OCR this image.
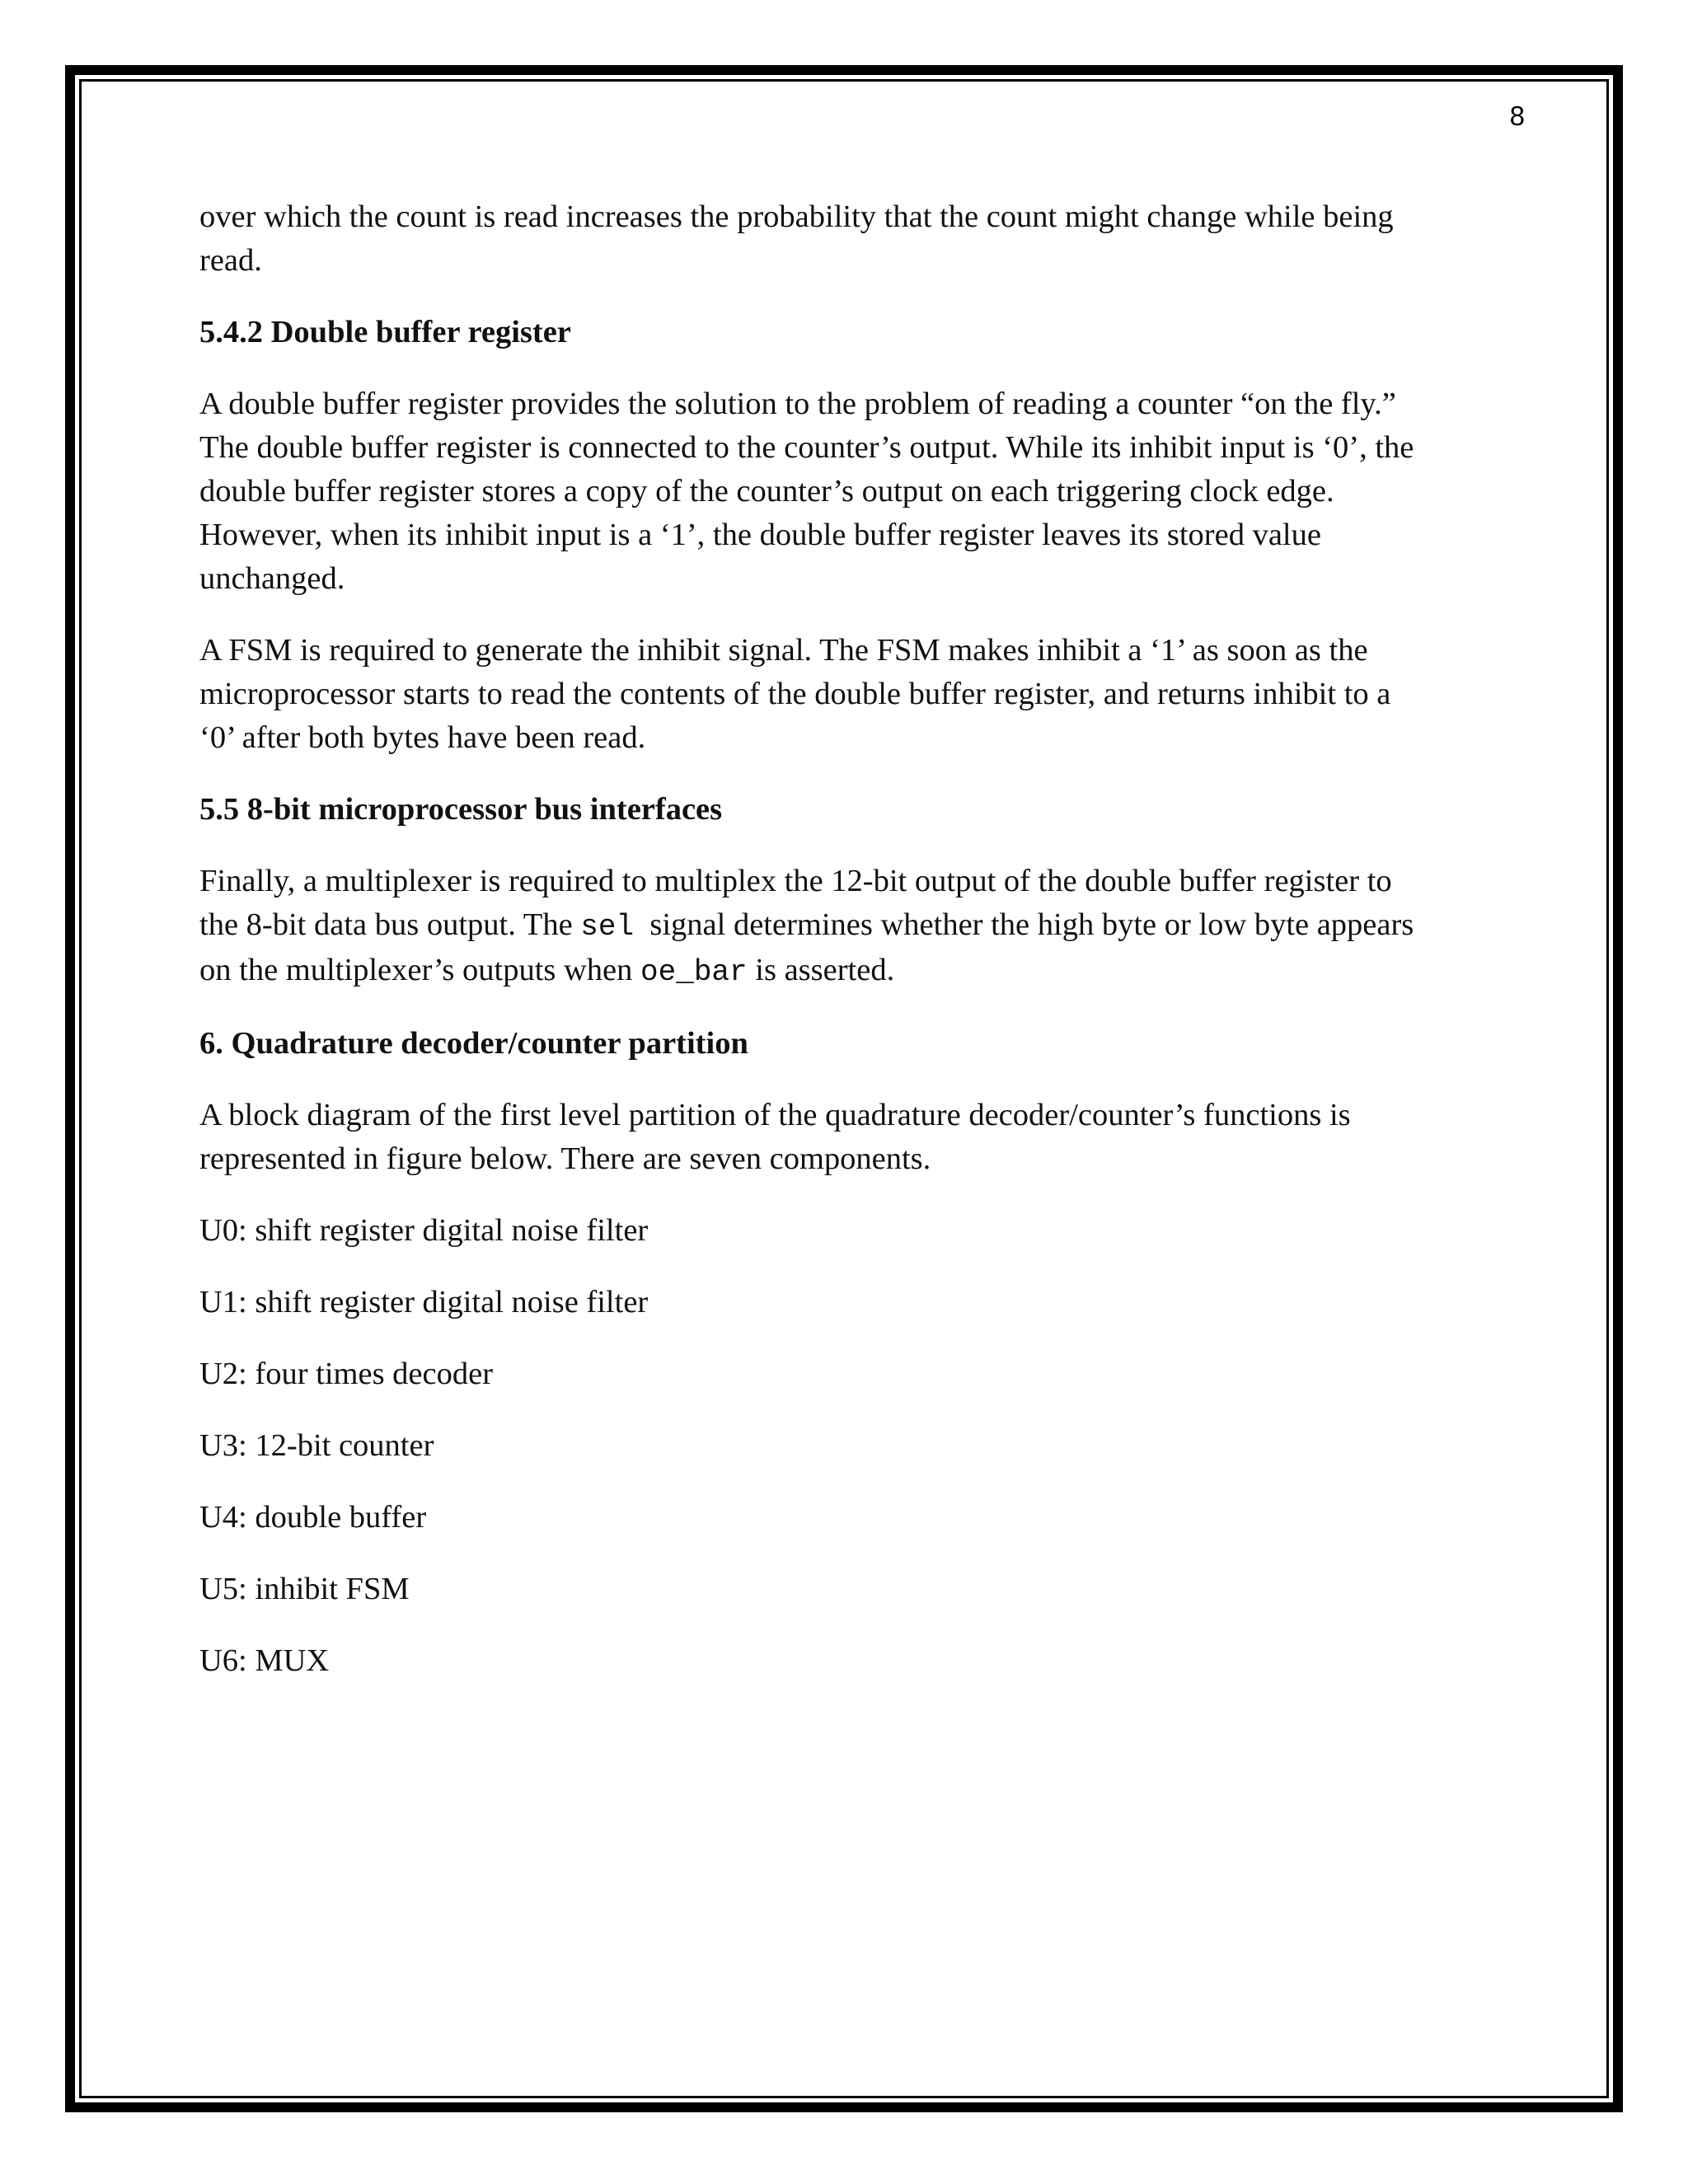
8

over which the count is read increases the probability that the count might change while being

read.

5.4.2 Double buffer register

A double buffer register provides the solution to the problem of reading a counter “on the fly.”

The double buffer register is connected to the counter’s output. While its inhibit input is ‘0’, the

double buffer register stores a copy of the counter’s output on each triggering clock edge.

However, when its inhibit input is a ‘1’, the double buffer register leaves its stored value

unchanged.

A FSM is required to generate the inhibit signal. The FSM makes inhibit a ‘1’ as soon as the

microprocessor starts to read the contents of the double buffer register, and returns inhibit to a

‘0’ after both bytes have been read.

5.5 8-bit microprocessor bus interfaces

Finally, a multiplexer is required to multiplex the 12-bit output of the double buffer register to

the 8-bit data bus output. The sel  signal determines whether the high byte or low byte appears

on the multiplexer’s outputs when oe_bar is asserted.

6. Quadrature decoder/counter partition

A block diagram of the first level partition of the quadrature decoder/counter’s functions is

represented in figure below. There are seven components.

U0: shift register digital noise filter

U1: shift register digital noise filter

U2: four times decoder

U3: 12-bit counter

U4: double buffer

U5: inhibit FSM

U6: MUX
